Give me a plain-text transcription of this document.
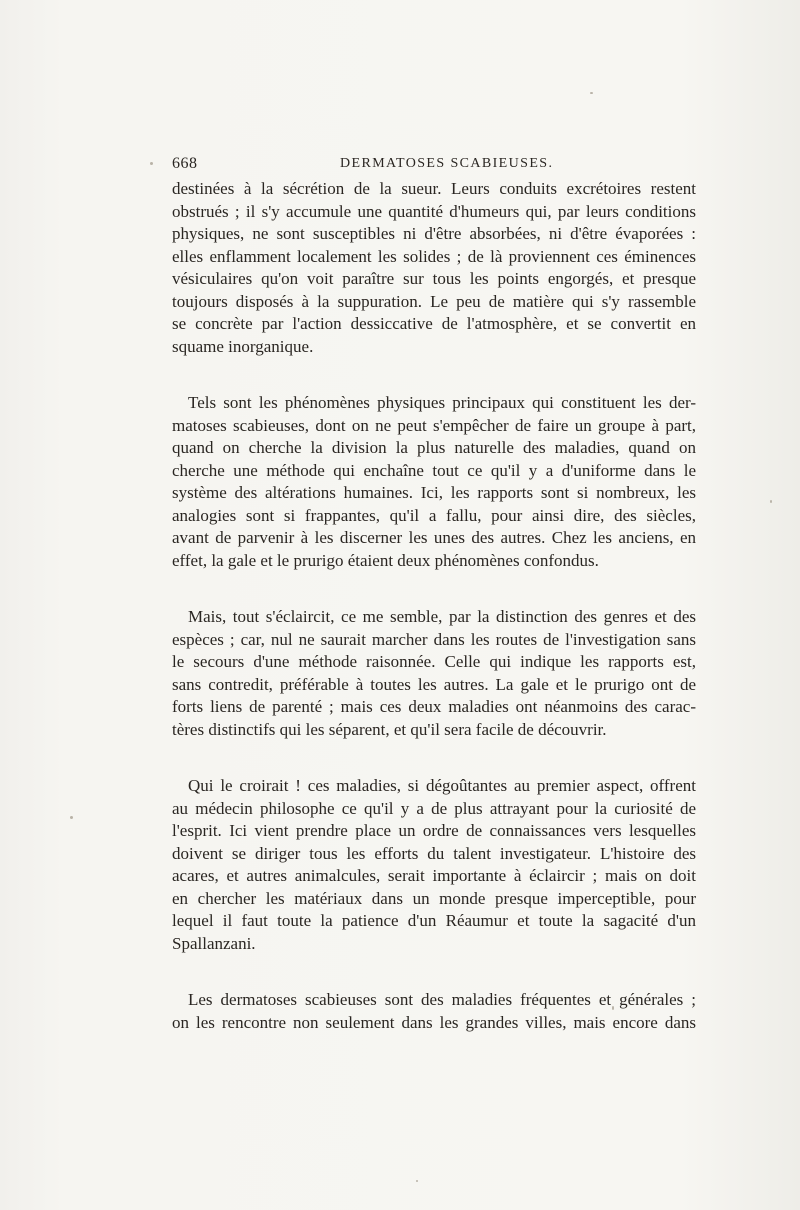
668	DERMATOSES SCABIEUSES.
destinées à la sécrétion de la sueur. Leurs conduits excrétoires restent
obstrués ; il s'y accumule une quantité d'humeurs qui, par leurs conditions
physiques, ne sont susceptibles ni d'être absorbées, ni d'être évaporées :
elles enflamment localement les solides ; de là proviennent ces éminences
vésiculaires qu'on voit paraître sur tous les points engorgés, et presque
toujours disposés à la suppuration. Le peu de matière qui s'y rassemble
se concrète par l'action dessiccative de l'atmosphère, et se convertit en
squame inorganique.
Tels sont les phénomènes physiques principaux qui constituent les der-
matoses scabieuses, dont on ne peut s'empêcher de faire un groupe à part,
quand on cherche la division la plus naturelle des maladies, quand on
cherche une méthode qui enchaîne tout ce qu'il y a d'uniforme dans le
système des altérations humaines. Ici, les rapports sont si nombreux, les
analogies sont si frappantes, qu'il a fallu, pour ainsi dire, des siècles,
avant de parvenir à les discerner les unes des autres. Chez les anciens, en
effet, la gale et le prurigo étaient deux phénomènes confondus.
Mais, tout s'éclaircit, ce me semble, par la distinction des genres et des
espèces ; car, nul ne saurait marcher dans les routes de l'investigation sans
le secours d'une méthode raisonnée. Celle qui indique les rapports est,
sans contredit, préférable à toutes les autres. La gale et le prurigo ont de
forts liens de parenté ; mais ces deux maladies ont néanmoins des carac-
tères distinctifs qui les séparent, et qu'il sera facile de découvrir.
Qui le croirait ! ces maladies, si dégoûtantes au premier aspect, offrent
au médecin philosophe ce qu'il y a de plus attrayant pour la curiosité de
l'esprit. Ici vient prendre place un ordre de connaissances vers lesquelles
doivent se diriger tous les efforts du talent investigateur. L'histoire des
acares, et autres animalcules, serait importante à éclaircir ; mais on doit
en chercher les matériaux dans un monde presque imperceptible, pour
lequel il faut toute la patience d'un Réaumur et toute la sagacité d'un
Spallanzani.
Les dermatoses scabieuses sont des maladies fréquentes et générales ;
on les rencontre non seulement dans les grandes villes, mais encore dans
